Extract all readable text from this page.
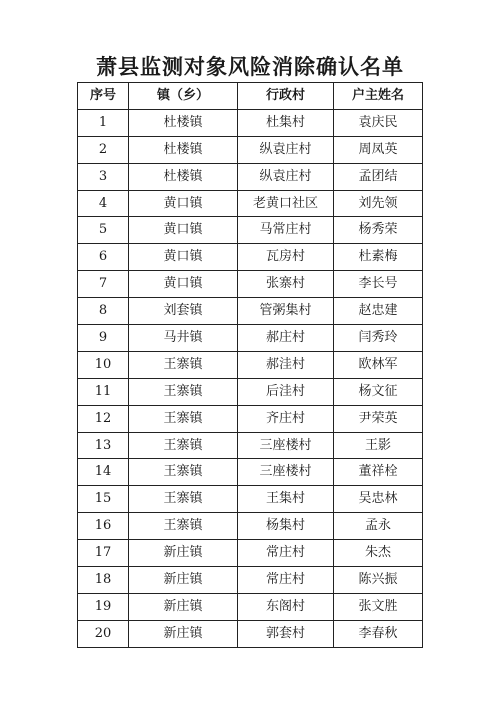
萧县监测对象风险消除确认名单
序号	镇（乡）	行政村	户主姓名
1	杜楼镇	杜集村	袁庆民
2	杜楼镇	纵袁庄村	周凤英
3	杜楼镇	纵袁庄村	孟团结
4	黄口镇	老黄口社区	刘先领
5	黄口镇	马常庄村	杨秀荣
6	黄口镇	瓦房村	杜素梅
7	黄口镇	张寨村	李长号
8	刘套镇	管粥集村	赵忠建
9	马井镇	郝庄村	闫秀玲
10	王寨镇	郝洼村	欧林军
11	王寨镇	后洼村	杨文征
12	王寨镇	齐庄村	尹荣英
13	王寨镇	三座楼村	王影
14	王寨镇	三座楼村	董祥栓
15	王寨镇	王集村	吴忠林
16	王寨镇	杨集村	孟永
17	新庄镇	常庄村	朱杰
18	新庄镇	常庄村	陈兴振
19	新庄镇	东阁村	张文胜
20	新庄镇	郭套村	李春秋
